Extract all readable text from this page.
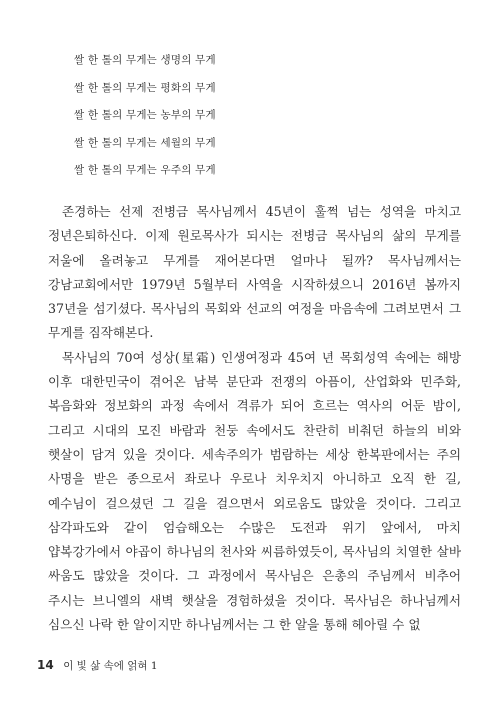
쌀 한 톨의 무게는 생명의 무게
쌀 한 톨의 무게는 평화의 무게
쌀 한 톨의 무게는 농부의 무게
쌀 한 톨의 무게는 세월의 무게
쌀 한 톨의 무게는 우주의 무게

존경하는 선제 전병금 목사님께서 45년이 훌쩍 넘는 성역을 마치고 정년은퇴하신다. 이제 원로목사가 되시는 전병금 목사님의 삶의 무게를 저울에 올려놓고 무게를 재어본다면 얼마나 될까? 목사님께서는 강남교회에서만 1979년 5월부터 사역을 시작하셨으니 2016년 봄까지 37년을 섬기셨다. 목사님의 목회와 선교의 여정을 마음속에 그려보면서 그 무게를 짐작해본다.

목사님의 70여 성상(星霜) 인생여정과 45여 년 목회성역 속에는 해방 이후 대한민국이 겪어온 남북 분단과 전쟁의 아픔이, 산업화와 민주화, 복음화와 정보화의 과정 속에서 격류가 되어 흐르는 역사의 어둔 밤이, 그리고 시대의 모진 바람과 천둥 속에서도 찬란히 비춰던 하늘의 비와 햇살이 담겨 있을 것이다. 세속주의가 범람하는 세상 한복판에서는 주의 사명을 받은 종으로서 좌로나 우로나 치우치지 아니하고 오직 한 길, 예수님이 걸으셨던 그 길을 걸으면서 외로움도 많았을 것이다. 그리고 삼각파도와 같이 엄습해오는 수많은 도전과 위기 앞에서, 마치 얍복강가에서 야곱이 하나님의 천사와 씨름하였듯이, 목사님의 치열한 살바 싸움도 많았을 것이다. 그 과정에서 목사님은 은총의 주님께서 비추어 주시는 브니엘의 새벽 햇살을 경험하셨을 것이다. 목사님은 하나님께서 심으신 나락 한 알이지만 하나님께서는 그 한 알을 통해 헤아릴 수 없

14 이 빛 삶 속에 얽혀 1
